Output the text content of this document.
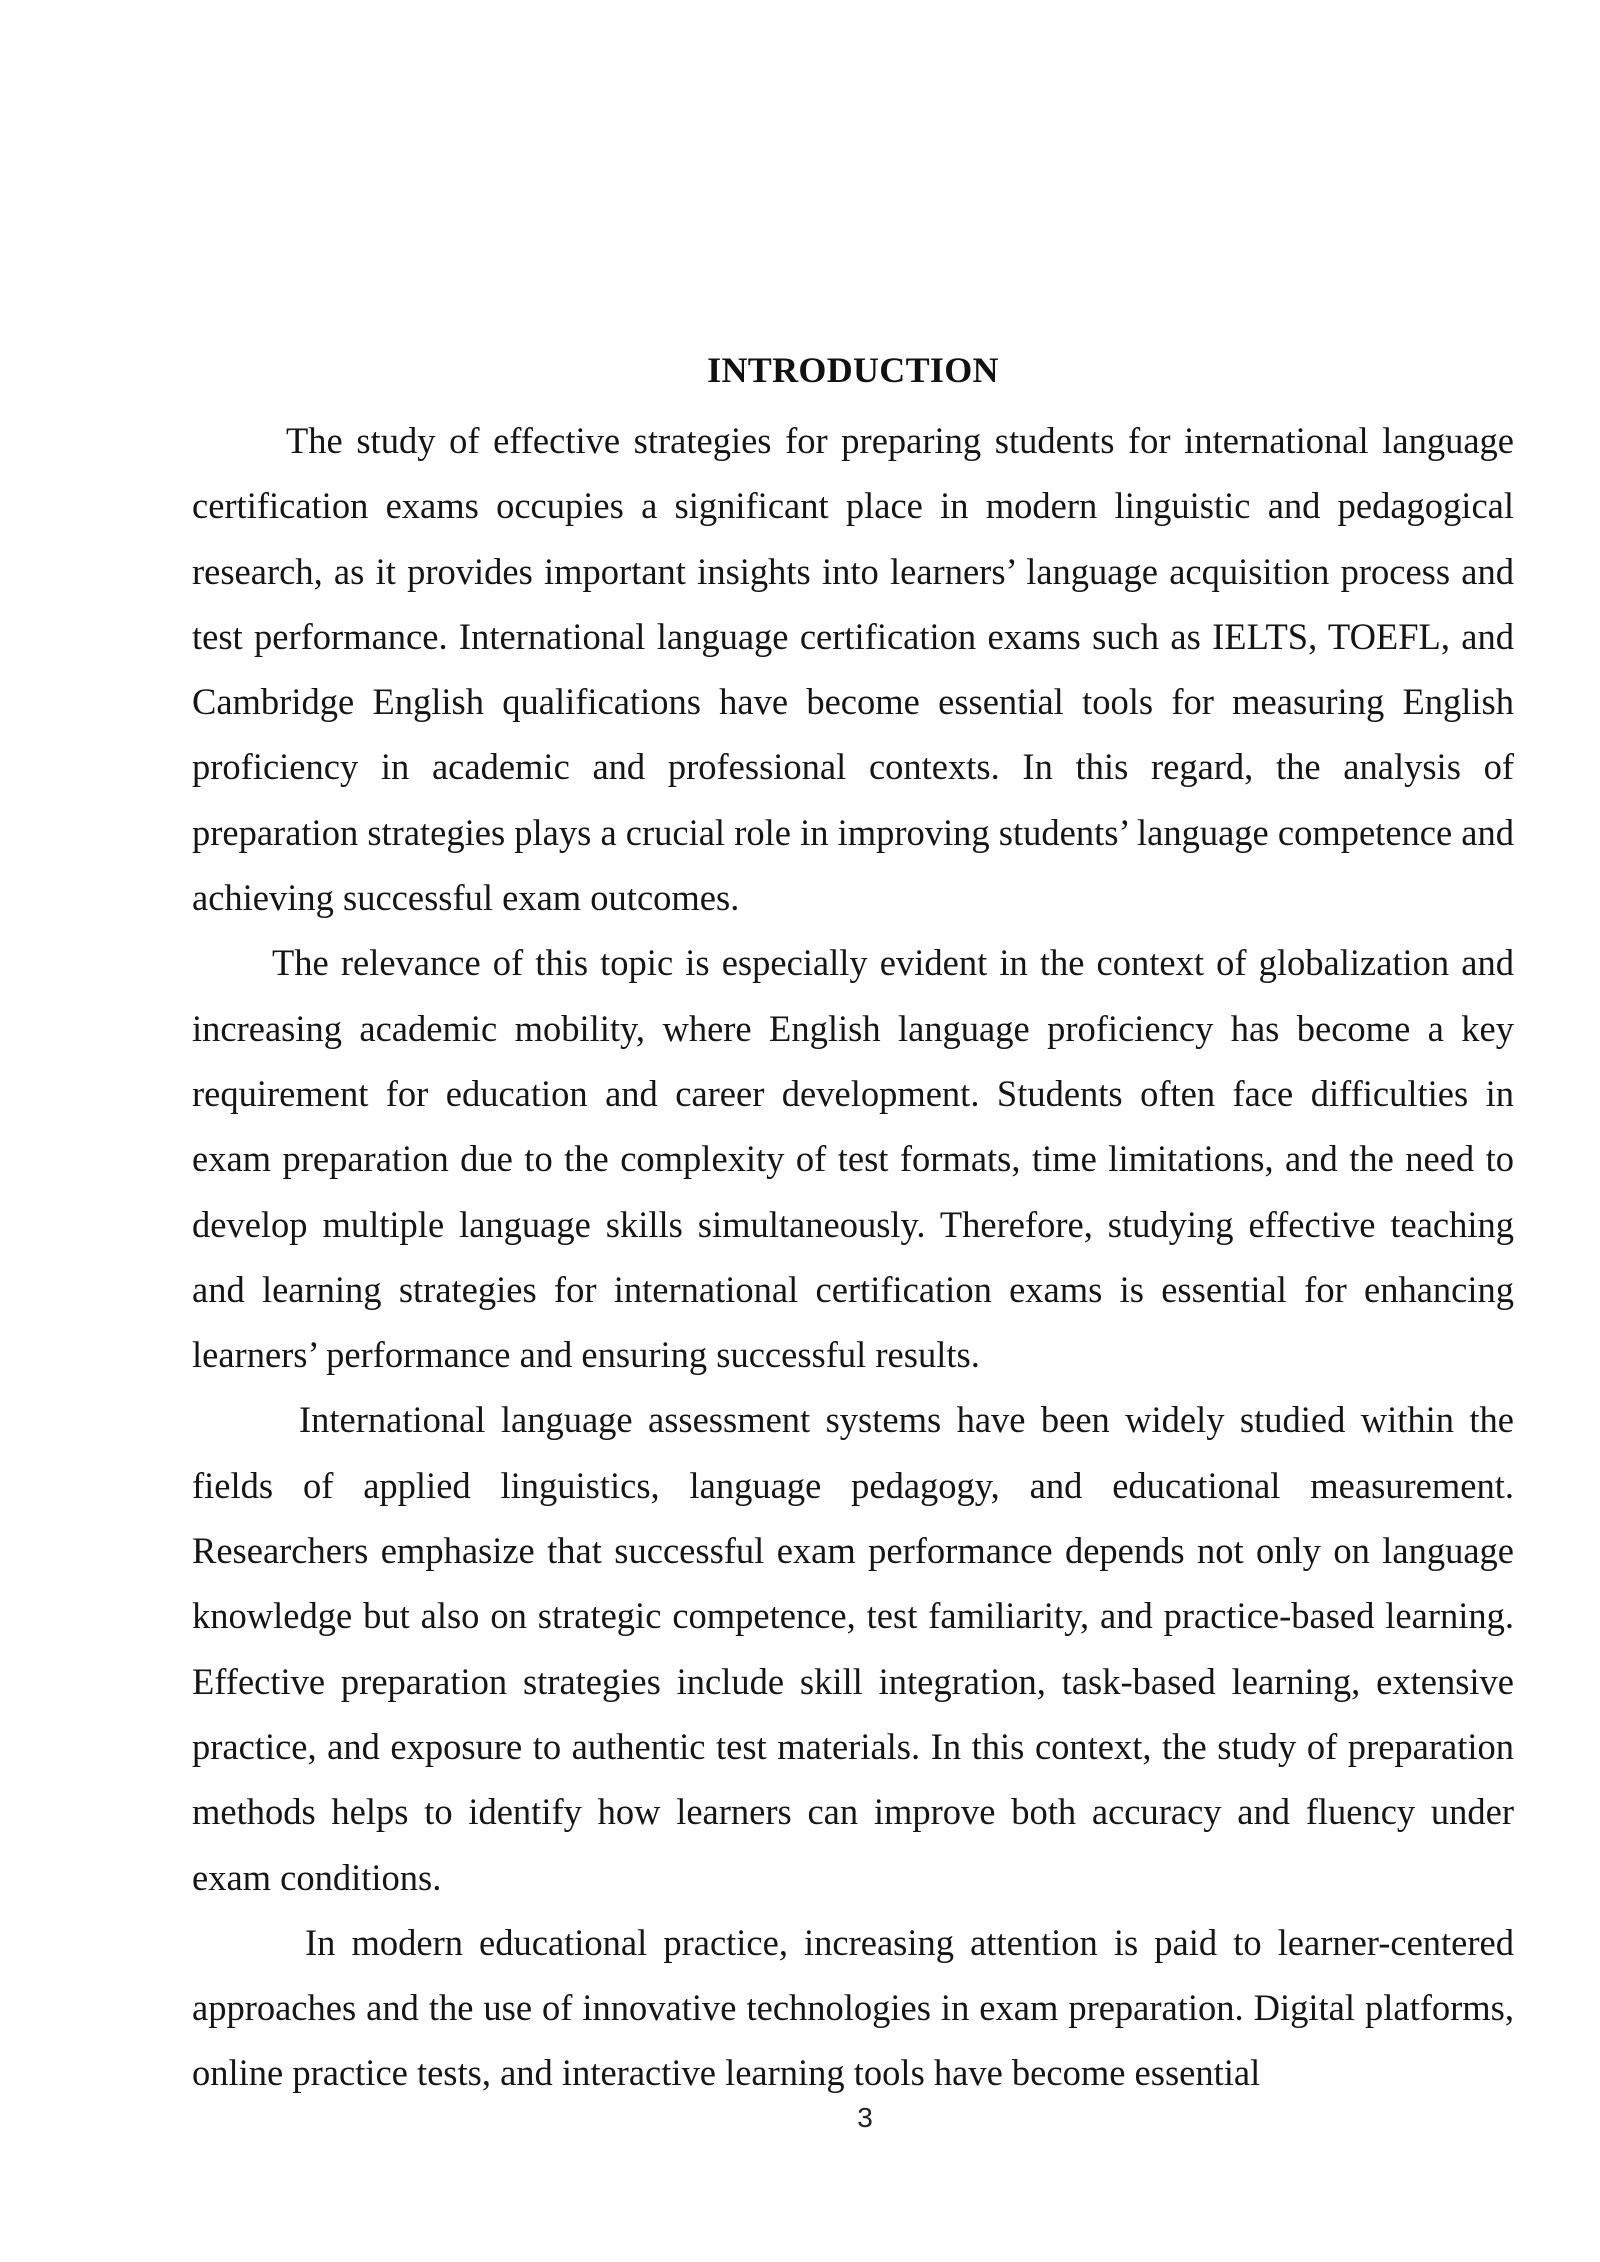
INTRODUCTION

The study of effective strategies for preparing students for international language certification exams occupies a significant place in modern linguistic and pedagogical research, as it provides important insights into learners’ language acquisition process and test performance. International language certification exams such as IELTS, TOEFL, and Cambridge English qualifications have become essential tools for measuring English proficiency in academic and professional contexts. In this regard, the analysis of preparation strategies plays a crucial role in improving students’ language competence and achieving successful exam outcomes.

The relevance of this topic is especially evident in the context of globalization and increasing academic mobility, where English language proficiency has become a key requirement for education and career development. Students often face difficulties in exam preparation due to the complexity of test formats, time limitations, and the need to develop multiple language skills simultaneously. Therefore, studying effective teaching and learning strategies for international certification exams is essential for enhancing learners’ performance and ensuring successful results.

International language assessment systems have been widely studied within the fields of applied linguistics, language pedagogy, and educational measurement. Researchers emphasize that successful exam performance depends not only on language knowledge but also on strategic competence, test familiarity, and practice-based learning. Effective preparation strategies include skill integration, task-based learning, extensive practice, and exposure to authentic test materials. In this context, the study of preparation methods helps to identify how learners can improve both accuracy and fluency under exam conditions.

In modern educational practice, increasing attention is paid to learner-centered approaches and the use of innovative technologies in exam preparation. Digital platforms, online practice tests, and interactive learning tools have become essential

3
